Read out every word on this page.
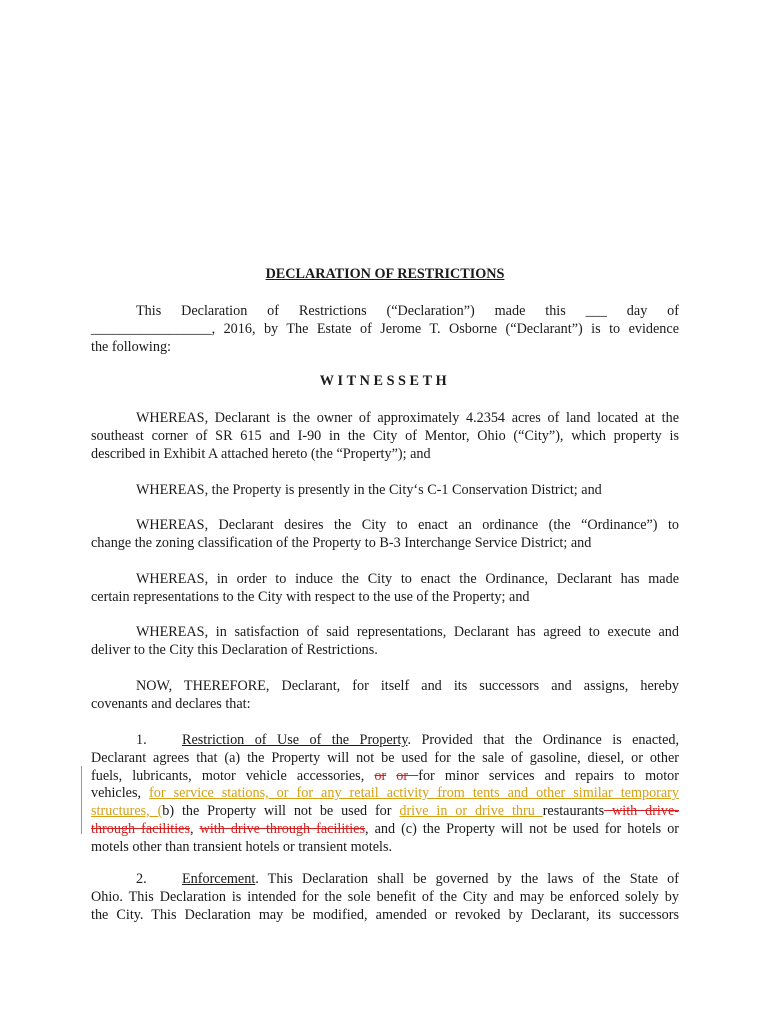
DECLARATION OF RESTRICTIONS
This Declaration of Restrictions (“Declaration”) made this ___ day of
_________________, 2016, by The Estate of Jerome T. Osborne (“Declarant”) is to evidence
the following:
WITNESSETH
WHEREAS, Declarant is the owner of approximately 4.2354 acres of land located at the
southeast corner of SR 615 and I-90 in the City of Mentor, Ohio (“City”), which property is
described in Exhibit A attached hereto (the “Property”); and
WHEREAS, the Property is presently in the City‘s C-1 Conservation District; and
WHEREAS, Declarant desires the City to enact an ordinance (the “Ordinance”) to
change the zoning classification of the Property to B-3 Interchange Service District; and
WHEREAS, in order to induce the City to enact the Ordinance, Declarant has made
certain representations to the City with respect to the use of the Property; and
WHEREAS, in satisfaction of said representations, Declarant has agreed to execute and
deliver to the City this Declaration of Restrictions.
NOW, THEREFORE, Declarant, for itself and its successors and assigns, hereby
covenants and declares that:
1. Restriction of Use of the Property. Provided that the Ordinance is enacted,
Declarant agrees that (a) the Property will not be used for the sale of gasoline, diesel, or other
fuels, lubricants, motor vehicle accessories, or or for minor services and repairs to motor
vehicles, for service stations, or for any retail activity from tents and other similar temporary
structures, (b) the Property will not be used for drive in or drive thru restaurants with drive-
through facilities, with drive through facilities, and (c) the Property will not be used for hotels or
motels other than transient hotels or transient motels.
2. Enforcement. This Declaration shall be governed by the laws of the State of
Ohio. This Declaration is intended for the sole benefit of the City and may be enforced solely by
the City. This Declaration may be modified, amended or revoked by Declarant, its successors
